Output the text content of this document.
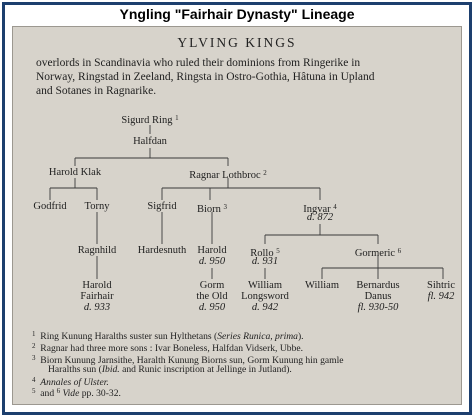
Yngling "Fairhair Dynasty" Lineage
YLVING KINGS
overlords in Scandinavia who ruled their dominions from Ringerike in
Norway, Ringstad in Zeeland, Ringsta in Ostro-Gothia, Hâtuna in Upland
and Sotanes in Ragnarike.
Sigurd Ring $^1$
Halfdan
Harold Klak	Ragnar Lothbroc $^2$
Godfrid	Torny	Sigfrid	Biorn $^3$	Ingvar $^4$
d. 872
Ragnhild	Hardesnuth	Harold
d. 950
Rollo $^5$
d. 931
Gormeric $^6$
Harold
Fairhair
d. 933
Gorm
the Old
d. 950
William
Longsword
d. 942
William	Bernardus
Danus
fl. 930-50
Sihtric
fl. 942
$^1$ Ring Kunung Haralths suster sun Hylthetans (Series Runica, prima).
$^2$ Ragnar had three more sons : Ivar Boneless, Halfdan Vidserk, Ubbe.
$^3$ Biorn Kunung Jarnsithe, Haralth Kunung Biorns sun, Gorm Kunung hin gamle
Haralths sun (Ibid. and Runic inscription at Jellinge in Jutland).
$^4$ Annales of Ulster.
$^5$ and $^6$ Vide pp. 30-32.
